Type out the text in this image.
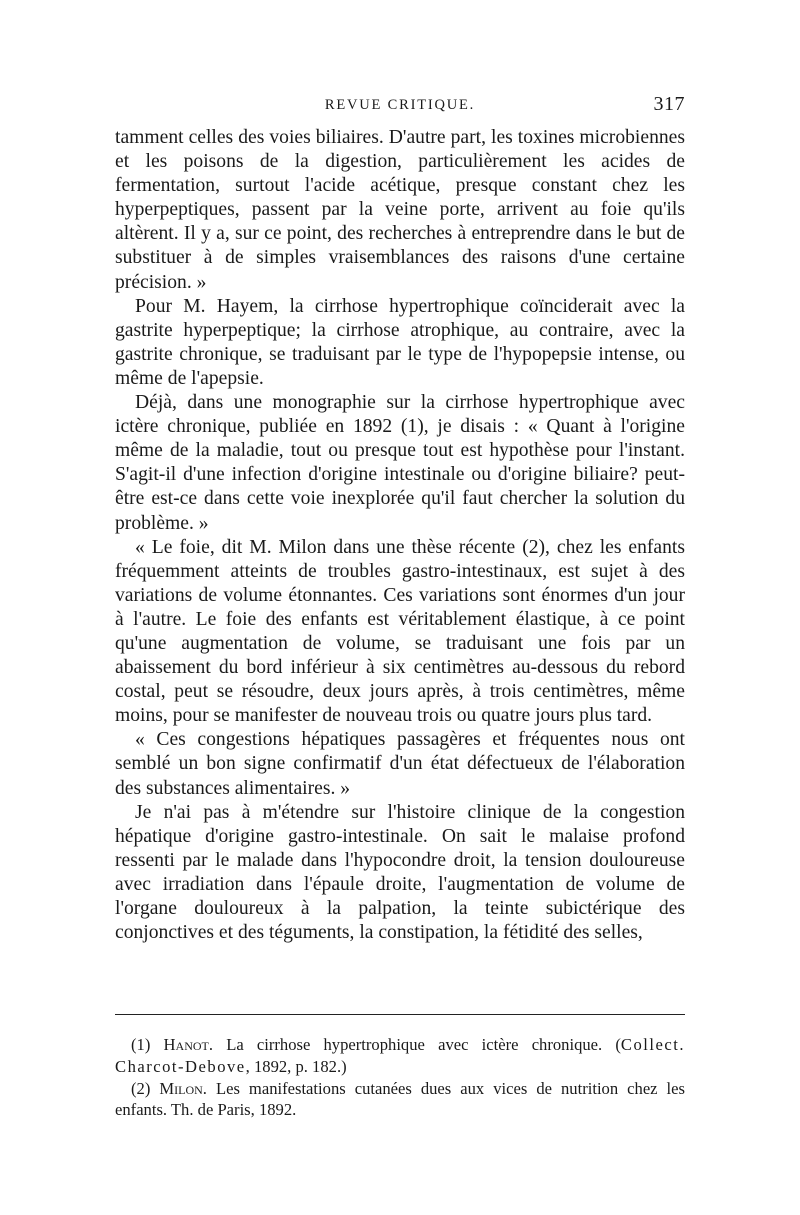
REVUE CRITIQUE.	317

tamment celles des voies biliaires. D'autre part, les toxines microbiennes et les poisons de la digestion, particulièrement les acides de fermentation, surtout l'acide acétique, presque constant chez les hyperpeptiques, passent par la veine porte, arrivent au foie qu'ils altèrent. Il y a, sur ce point, des recherches à entreprendre dans le but de substituer à de simples vraisemblances des raisons d'une certaine précision. »

Pour M. Hayem, la cirrhose hypertrophique coïnciderait avec la gastrite hyperpeptique; la cirrhose atrophique, au contraire, avec la gastrite chronique, se traduisant par le type de l'hypopepsie intense, ou même de l'apepsie.

Déjà, dans une monographie sur la cirrhose hypertrophique avec ictère chronique, publiée en 1892 (1), je disais : « Quant à l'origine même de la maladie, tout ou presque tout est hypothèse pour l'instant. S'agit-il d'une infection d'origine intestinale ou d'origine biliaire? peut-être est-ce dans cette voie inexplorée qu'il faut chercher la solution du problème. »

« Le foie, dit M. Milon dans une thèse récente (2), chez les enfants fréquemment atteints de troubles gastro-intestinaux, est sujet à des variations de volume étonnantes. Ces variations sont énormes d'un jour à l'autre. Le foie des enfants est véritablement élastique, à ce point qu'une augmentation de volume, se traduisant une fois par un abaissement du bord inférieur à six centimètres au-dessous du rebord costal, peut se résoudre, deux jours après, à trois centimètres, même moins, pour se manifester de nouveau trois ou quatre jours plus tard.

« Ces congestions hépatiques passagères et fréquentes nous ont semblé un bon signe confirmatif d'un état défectueux de l'élaboration des substances alimentaires. »

Je n'ai pas à m'étendre sur l'histoire clinique de la congestion hépatique d'origine gastro-intestinale. On sait le malaise profond ressenti par le malade dans l'hypocondre droit, la tension douloureuse avec irradiation dans l'épaule droite, l'augmentation de volume de l'organe douloureux à la palpation, la teinte subictérique des conjonctives et des téguments, la constipation, la fétidité des selles,

(1) Hanot. La cirrhose hypertrophique avec ictère chronique. (Collect. Charcot-Debove, 1892, p. 182.)

(2) Milon. Les manifestations cutanées dues aux vices de nutrition chez les enfants. Th. de Paris, 1892.
